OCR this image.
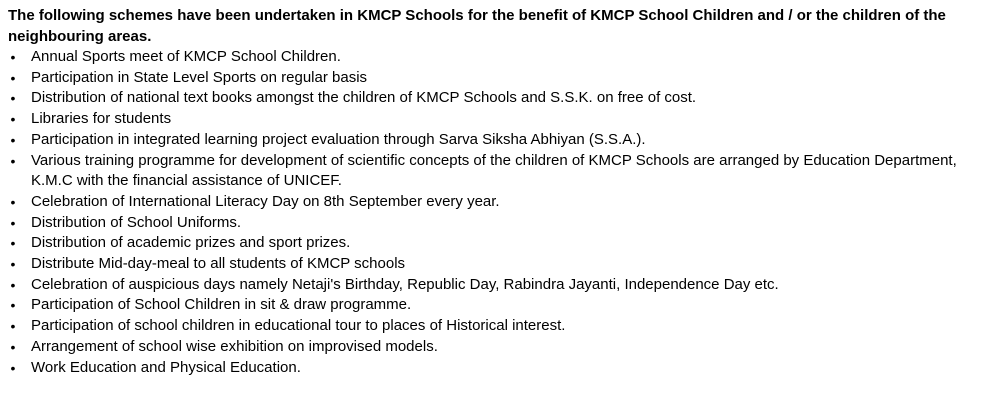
The following schemes have been undertaken in KMCP Schools for the benefit of KMCP School Children and / or the children of the neighbouring areas.

• Annual Sports meet of KMCP School Children.
• Participation in State Level Sports on regular basis
• Distribution of national text books amongst the children of KMCP Schools and S.S.K. on free of cost.
• Libraries for students
• Participation in integrated learning project evaluation through Sarva Siksha Abhiyan (S.S.A.).
• Various training programme for development of scientific concepts of the children of KMCP Schools are arranged by Education Department, K.M.C with the financial assistance of UNICEF.
• Celebration of International Literacy Day on 8th September every year.
• Distribution of School Uniforms.
• Distribution of academic prizes and sport prizes.
• Distribute Mid-day-meal to all students of KMCP schools
• Celebration of auspicious days namely Netaji's Birthday, Republic Day, Rabindra Jayanti, Independence Day etc.
• Participation of School Children in sit & draw programme.
• Participation of school children in educational tour to places of Historical interest.
• Arrangement of school wise exhibition on improvised models.
• Work Education and Physical Education.
